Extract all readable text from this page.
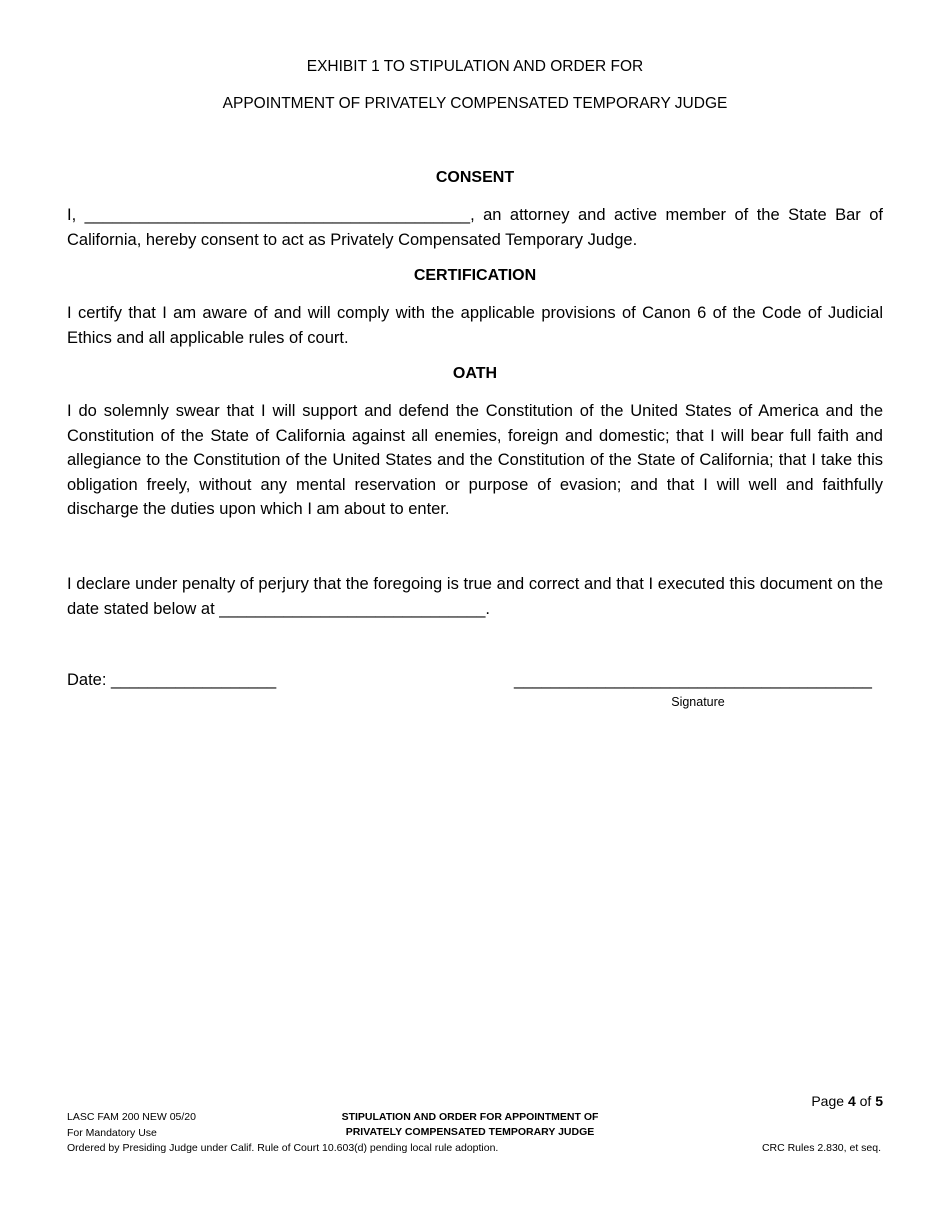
EXHIBIT 1 TO STIPULATION AND ORDER FOR
APPOINTMENT OF PRIVATELY COMPENSATED TEMPORARY JUDGE
CONSENT
I, __________________________________________, an attorney and active member of the State Bar of California, hereby consent to act as Privately Compensated Temporary Judge.
CERTIFICATION
I certify that I am aware of and will comply with the applicable provisions of Canon 6 of the Code of Judicial Ethics and all applicable rules of court.
OATH
I do solemnly swear that I will support and defend the Constitution of the United States of America and the Constitution of the State of California against all enemies, foreign and domestic; that I will bear full faith and allegiance to the Constitution of the United States and the Constitution of the State of California; that I take this obligation freely, without any mental reservation or purpose of evasion; and that I will well and faithfully discharge the duties upon which I am about to enter.
I declare under penalty of perjury that the foregoing is true and correct and that I executed this document on the date stated below at _____________________________.
Date: __________________	_______________________________________
Signature
Page 4 of 5
LASC FAM 200 NEW 05/20
For Mandatory Use
Ordered by Presiding Judge under Calif. Rule of Court 10.603(d) pending local rule adoption.
STIPULATION AND ORDER FOR APPOINTMENT OF
PRIVATELY COMPENSATED TEMPORARY JUDGE
CRC Rules 2.830, et seq.
